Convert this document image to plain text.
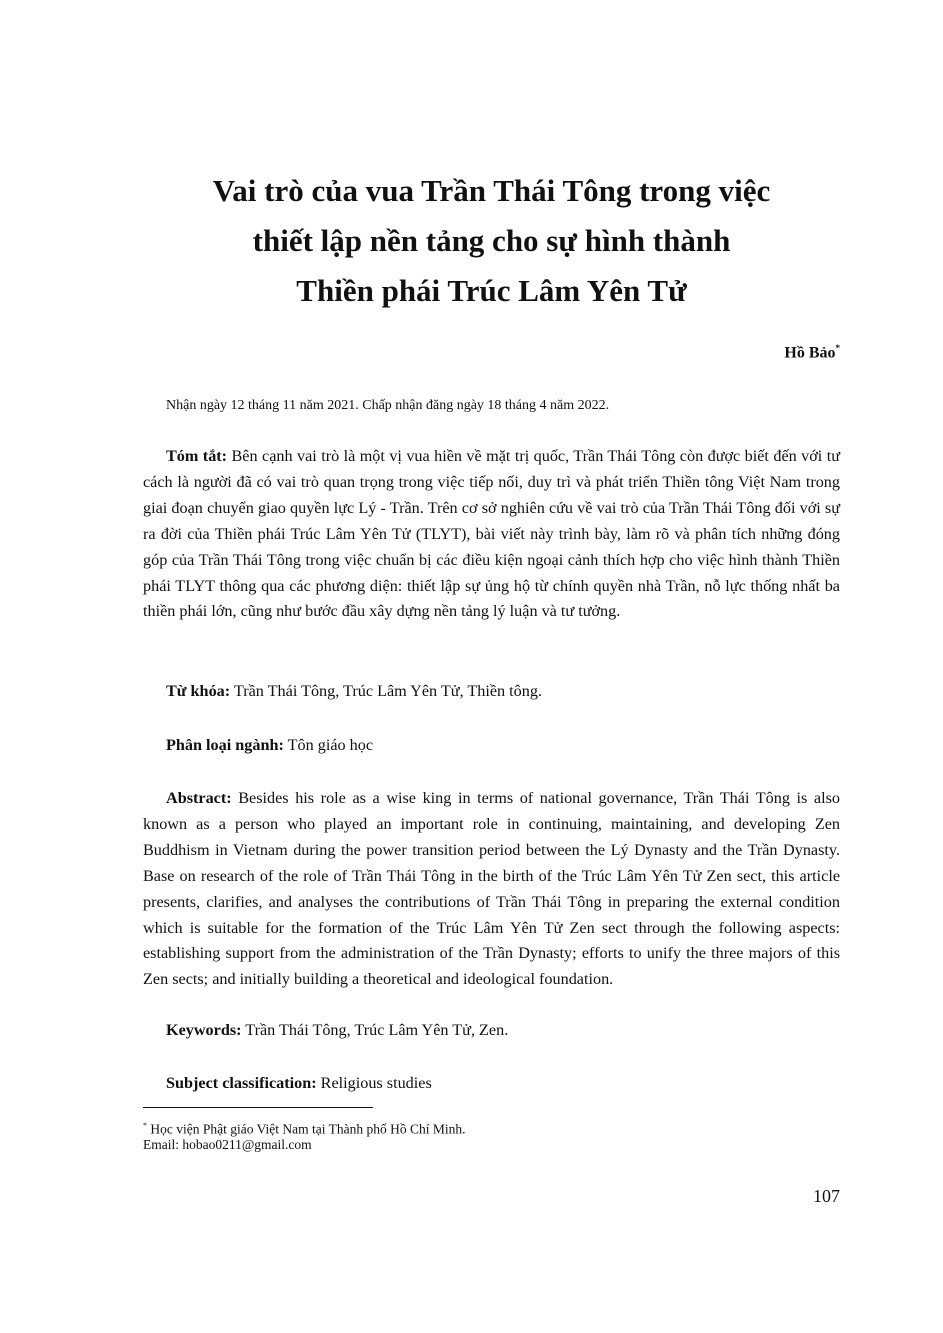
Vai trò của vua Trần Thái Tông trong việc
thiết lập nền tảng cho sự hình thành
Thiền phái Trúc Lâm Yên Tử
Hồ Bảo*
Nhận ngày 12 tháng 11 năm 2021. Chấp nhận đăng ngày 18 tháng 4 năm 2022.
Tóm tắt: Bên cạnh vai trò là một vị vua hiền về mặt trị quốc, Trần Thái Tông còn được biết đến với tư cách là người đã có vai trò quan trọng trong việc tiếp nối, duy trì và phát triển Thiền tông Việt Nam trong giai đoạn chuyển giao quyền lực Lý - Trần. Trên cơ sở nghiên cứu về vai trò của Trần Thái Tông đối với sự ra đời của Thiền phái Trúc Lâm Yên Tử (TLYT), bài viết này trình bày, làm rõ và phân tích những đóng góp của Trần Thái Tông trong việc chuẩn bị các điều kiện ngoại cảnh thích hợp cho việc hình thành Thiền phái TLYT thông qua các phương diện: thiết lập sự ủng hộ từ chính quyền nhà Trần, nỗ lực thống nhất ba thiền phái lớn, cũng như bước đầu xây dựng nền tảng lý luận và tư tưởng.
Từ khóa: Trần Thái Tông, Trúc Lâm Yên Tử, Thiền tông.
Phân loại ngành: Tôn giáo học
Abstract: Besides his role as a wise king in terms of national governance, Trần Thái Tông is also known as a person who played an important role in continuing, maintaining, and developing Zen Buddhism in Vietnam during the power transition period between the Lý Dynasty and the Trần Dynasty. Base on research of the role of Trần Thái Tông in the birth of the Trúc Lâm Yên Tử Zen sect, this article presents, clarifies, and analyses the contributions of Trần Thái Tông in preparing the external condition which is suitable for the formation of the Trúc Lâm Yên Tử Zen sect through the following aspects: establishing support from the administration of the Trần Dynasty; efforts to unify the three majors of this Zen sects; and initially building a theoretical and ideological foundation.
Keywords: Trần Thái Tông, Trúc Lâm Yên Tử, Zen.
Subject classification: Religious studies
* Học viện Phật giáo Việt Nam tại Thành phố Hồ Chí Minh.
Email: hobao0211@gmail.com
107
